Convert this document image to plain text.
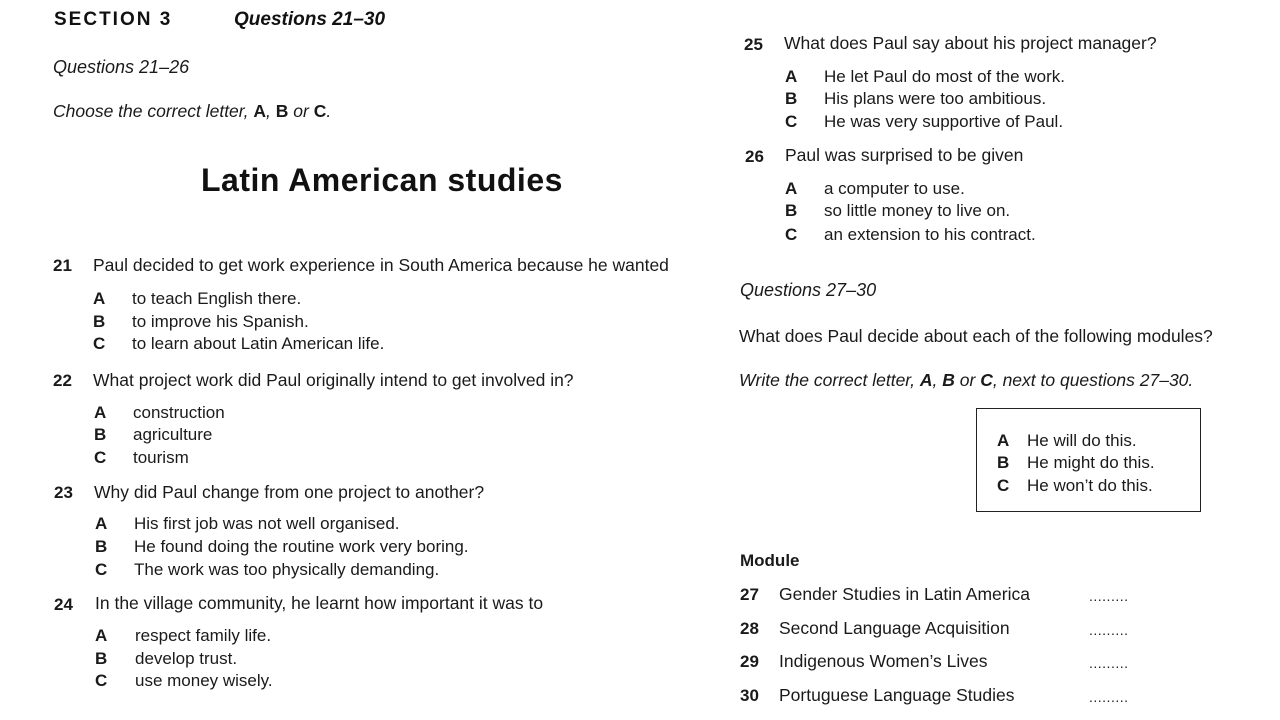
SECTION 3	Questions 21–30
Questions 21–26
Choose the correct letter, A, B or C.
Latin American studies
21 Paul decided to get work experience in South America because he wanted
A to teach English there.
B to improve his Spanish.
C to learn about Latin American life.
22 What project work did Paul originally intend to get involved in?
A construction
B agriculture
C tourism
23 Why did Paul change from one project to another?
A His first job was not well organised.
B He found doing the routine work very boring.
C The work was too physically demanding.
24 In the village community, he learnt how important it was to
A respect family life.
B develop trust.
C use money wisely.
25 What does Paul say about his project manager?
A He let Paul do most of the work.
B His plans were too ambitious.
C He was very supportive of Paul.
26 Paul was surprised to be given
A a computer to use.
B so little money to live on.
C an extension to his contract.
Questions 27–30
What does Paul decide about each of the following modules?
Write the correct letter, A, B or C, next to questions 27–30.
A He will do this.
B He might do this.
C He won’t do this.
Module
27 Gender Studies in Latin America	.........
28 Second Language Acquisition	.........
29 Indigenous Women’s Lives	.........
30 Portuguese Language Studies	.........
